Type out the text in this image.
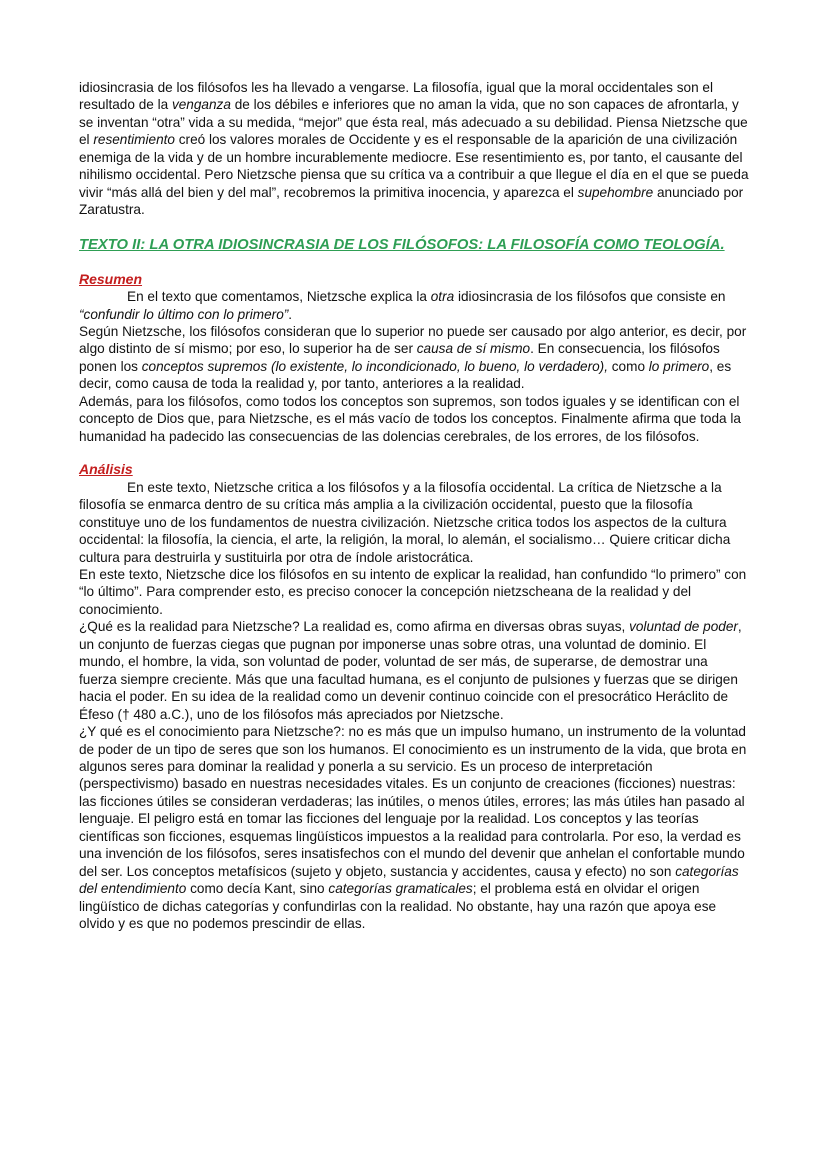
idiosincrasia de los filósofos les ha llevado a vengarse. La filosofía, igual que la moral occidentales son el resultado de la venganza de los débiles e inferiores que no aman la vida, que no son capaces de afrontarla, y se inventan “otra” vida a su medida, “mejor” que ésta real, más adecuado a su debilidad. Piensa Nietzsche que el resentimiento creó los valores morales de Occidente y es el responsable de la aparición de una civilización enemiga de la vida y de un hombre incurablemente mediocre. Ese resentimiento es, por tanto, el causante del nihilismo occidental. Pero Nietzsche piensa que su crítica va a contribuir a que llegue el día en el que se pueda vivir “más allá del bien y del mal”, recobremos la primitiva inocencia, y aparezca el supehombre anunciado por Zaratustra.

TEXTO II: LA OTRA IDIOSINCRASIA DE LOS FILÓSOFOS: LA FILOSOFÍA COMO TEOLOGÍA.
Resumen

En el texto que comentamos, Nietzsche explica la otra idiosincrasia de los filósofos que consiste en “confundir lo último con lo primero”.

Según Nietzsche, los filósofos consideran que lo superior no puede ser causado por algo anterior, es decir, por algo distinto de sí mismo; por eso, lo superior ha de ser causa de sí mismo. En consecuencia, los filósofos ponen los conceptos supremos (lo existente, lo incondicionado, lo bueno, lo verdadero), como lo primero, es decir, como causa de toda la realidad y, por tanto, anteriores a la realidad.

Además, para los filósofos, como todos los conceptos son supremos, son todos iguales y se identifican con el concepto de Dios que, para Nietzsche, es el más vacío de todos los conceptos. Finalmente afirma que toda la humanidad ha padecido las consecuencias de las dolencias cerebrales, de los errores, de los filósofos.

Análisis

En este texto, Nietzsche critica a los filósofos y a la filosofía occidental. La crítica de Nietzsche a la filosofía se enmarca dentro de su crítica más amplia a la civilización occidental, puesto que la filosofía constituye uno de los fundamentos de nuestra civilización. Nietzsche critica todos los aspectos de la cultura occidental: la filosofía, la ciencia, el arte, la religión, la moral, lo alemán, el socialismo… Quiere criticar dicha cultura para destruirla y sustituirla por otra de índole aristocrática.

En este texto, Nietzsche dice los filósofos en su intento de explicar la realidad, han confundido “lo primero” con “lo último”. Para comprender esto, es preciso conocer la concepción nietzscheana de la realidad y del conocimiento.

¿Qué es la realidad para Nietzsche? La realidad es, como afirma en diversas obras suyas, voluntad de poder, un conjunto de fuerzas ciegas que pugnan por imponerse unas sobre otras, una voluntad de dominio. El mundo, el hombre, la vida, son voluntad de poder, voluntad de ser más, de superarse, de demostrar una fuerza siempre creciente. Más que una facultad humana, es el conjunto de pulsiones y fuerzas que se dirigen hacia el poder. En su idea de la realidad como un devenir continuo coincide con el presocrático Heráclito de Éfeso († 480 a.C.), uno de los filósofos más apreciados por Nietzsche.

¿Y qué es el conocimiento para Nietzsche?: no es más que un impulso humano, un instrumento de la voluntad de poder de un tipo de seres que son los humanos. El conocimiento es un instrumento de la vida, que brota en algunos seres para dominar la realidad y ponerla a su servicio. Es un proceso de interpretación (perspectivismo) basado en nuestras necesidades vitales. Es un conjunto de creaciones (ficciones) nuestras: las ficciones útiles se consideran verdaderas; las inútiles, o menos útiles, errores; las más útiles han pasado al lenguaje. El peligro está en tomar las ficciones del lenguaje por la realidad. Los conceptos y las teorías científicas son ficciones, esquemas lingüísticos impuestos a la realidad para controlarla. Por eso, la verdad es una invención de los filósofos, seres insatisfechos con el mundo del devenir que anhelan el confortable mundo del ser. Los conceptos metafísicos (sujeto y objeto, sustancia y accidentes, causa y efecto) no son categorías del entendimiento como decía Kant, sino categorías gramaticales; el problema está en olvidar el origen lingüístico de dichas categorías y confundirlas con la realidad. No obstante, hay una razón que apoya ese olvido y es que no podemos prescindir de ellas.
